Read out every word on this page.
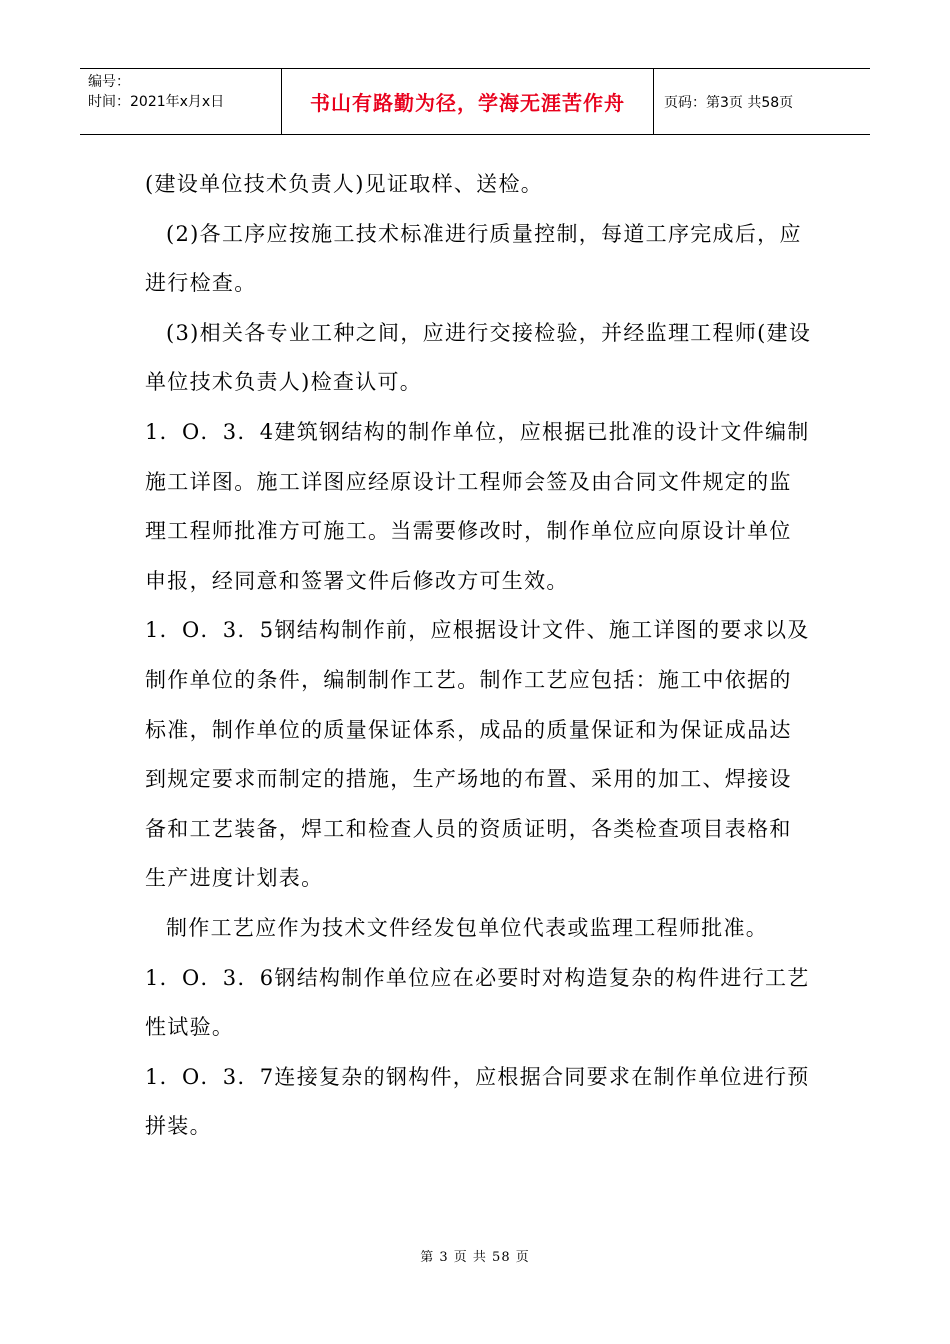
编号：
时间：2021年x月x日	书山有路勤为径，学海无涯苦作舟	页码：第3页 共58页
(建设单位技术负责人)见证取样、送检。
(2)各工序应按施工技术标准进行质量控制，每道工序完成后，应
进行检查。
(3)相关各专业工种之间，应进行交接检验，并经监理工程师(建设
单位技术负责人)检查认可。
1．O．3．4建筑钢结构的制作单位，应根据已批准的设计文件编制
施工详图。施工详图应经原设计工程师会签及由合同文件规定的监
理工程师批准方可施工。当需要修改时，制作单位应向原设计单位
申报，经同意和签署文件后修改方可生效。
1．O．3．5钢结构制作前，应根据设计文件、施工详图的要求以及
制作单位的条件，编制制作工艺。制作工艺应包括：施工中依据的
标准，制作单位的质量保证体系，成品的质量保证和为保证成品达
到规定要求而制定的措施，生产场地的布置、采用的加工、焊接设
备和工艺装备，焊工和检查人员的资质证明，各类检查项目表格和
生产进度计划表。
制作工艺应作为技术文件经发包单位代表或监理工程师批准。
1．O．3．6钢结构制作单位应在必要时对构造复杂的构件进行工艺
性试验。
1．O．3．7连接复杂的钢构件，应根据合同要求在制作单位进行预
拼装。
第 3 页 共 58 页
